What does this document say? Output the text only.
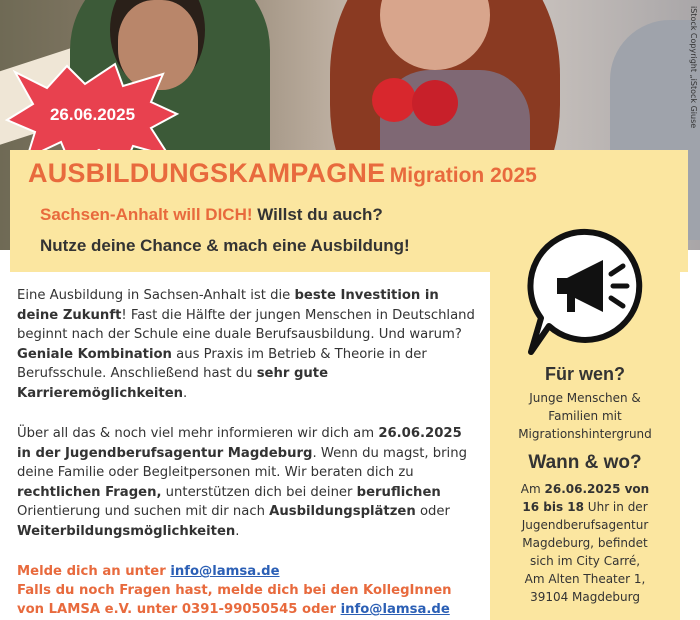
iStock Copyright „iStock Giuse
26.06.2025
AUSBILDUNGSKAMPAGNE Migration 2025
Sachsen-Anhalt will DICH! Willst du auch?
Nutze deine Chance & mach eine Ausbildung!
Für wen?
Junge Menschen &
Familien mit
Migrationshintergrund
Wann & wo?
Am 26.06.2025 von
16 bis 18 Uhr in der
Jugendberufsagentur
Magdeburg, befindet
sich im City Carré,
Am Alten Theater 1,
39104 Magdeburg
Eine Ausbildung in Sachsen-Anhalt ist die beste Investition in deine Zukunft! Fast die Hälfte der jungen Menschen in Deutschland beginnt nach der Schule eine duale Berufsausbildung. Und warum? Geniale Kombination aus Praxis im Betrieb & Theorie in der Berufsschule. Anschließend hast du sehr gute Karrieremöglichkeiten.
Über all das & noch viel mehr informieren wir dich am 26.06.2025 in der Jugendberufsagentur Magdeburg. Wenn du magst, bring deine Familie oder Begleitpersonen mit. Wir beraten dich zu rechtlichen Fragen, unterstützen dich bei deiner beruflichen Orientierung und suchen mit dir nach Ausbildungsplätzen oder Weiterbildungsmöglichkeiten.
Melde dich an unter info@lamsa.de
Falls du noch Fragen hast, melde dich bei den KollegInnen
von LAMSA e.V. unter 0391-99050545 oder info@lamsa.de
